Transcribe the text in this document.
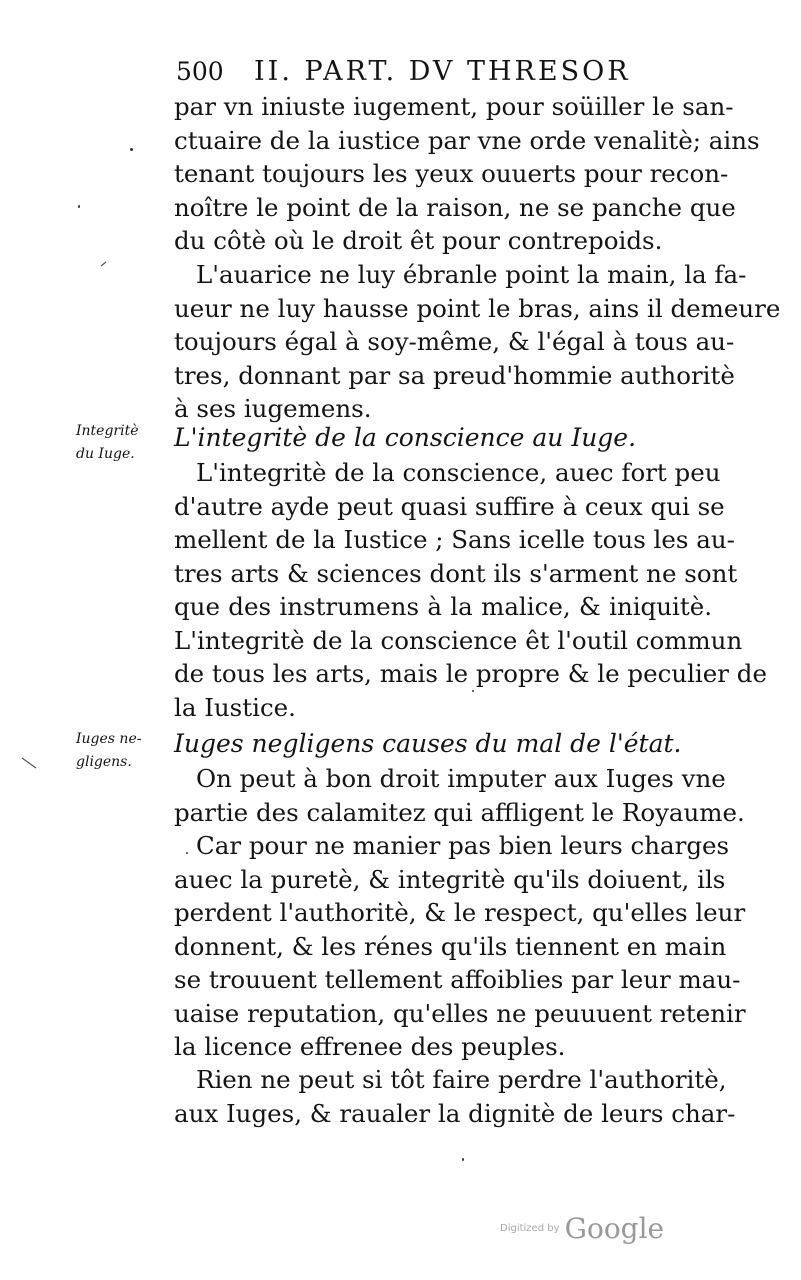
500 II. PART. DV THRESOR
par vn iniuste iugement, pour soüiller le san-
ctuaire de la iustice par vne orde venalitè; ains
tenant toujours les yeux ouuerts pour recon-
noître le point de la raison, ne se panche que
du côtè où le droit êt pour contrepoids.
L'auarice ne luy ébranle point la main, la fa-
ueur ne luy hausse point le bras, ains il demeure
toujours égal à soy-même, & l'égal à tous au-
tres, donnant par sa preud'hommie authoritè
à ses iugemens.
Integritè
du Iuge.
L'integritè de la conscience au Iuge.
L'integritè de la conscience, auec fort peu
d'autre ayde peut quasi suffire à ceux qui se
mellent de la Iustice ; Sans icelle tous les au-
tres arts & sciences dont ils s'arment ne sont
que des instrumens à la malice, & iniquitè.
L'integritè de la conscience êt l'outil commun
de tous les arts, mais le propre & le peculier de
la Iustice.
Iuges ne-
gligens.
Iuges negligens causes du mal de l'état.
On peut à bon droit imputer aux Iuges vne
partie des calamitez qui affligent le Royaume.
Car pour ne manier pas bien leurs charges
auec la puretè, & integritè qu'ils doiuent, ils
perdent l'authoritè, & le respect, qu'elles leur
donnent, & les rénes qu'ils tiennent en main
se trouuent tellement affoiblies par leur mau-
uaise reputation, qu'elles ne peuuuent retenir
la licence effrenee des peuples.
Rien ne peut si tôt faire perdre l'authoritè,
aux Iuges, & raualer la dignitè de leurs char-
Digitized by Google
